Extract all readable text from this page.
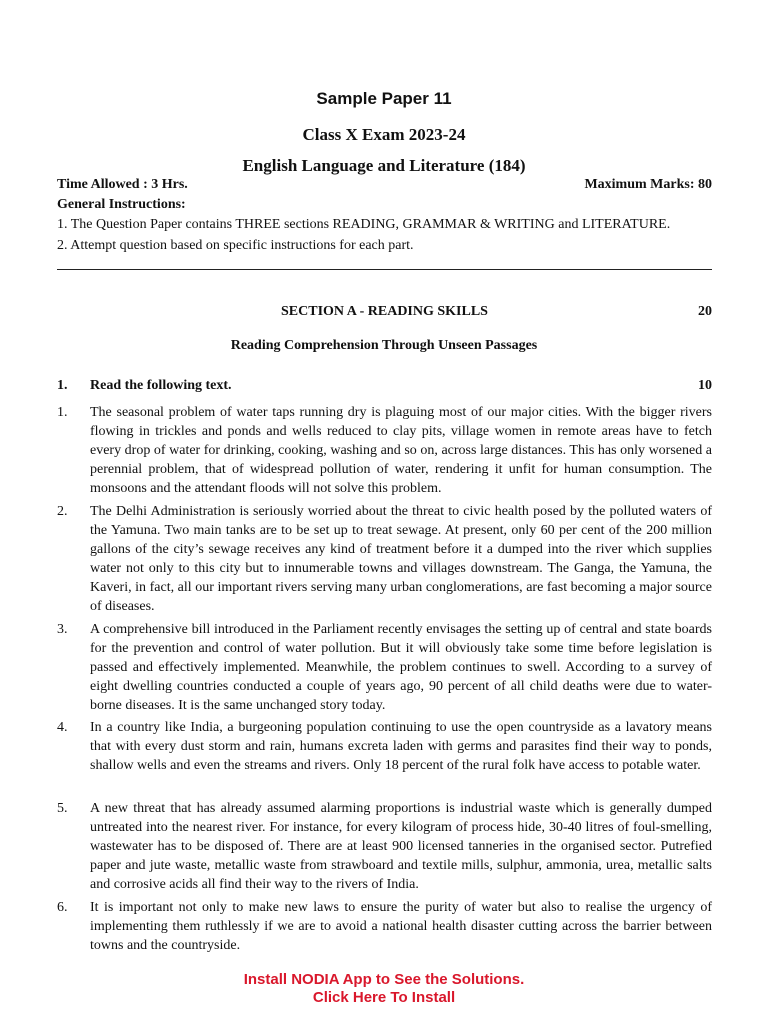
Sample Paper 11
Class X Exam 2023-24
English Language and Literature (184)
Time Allowed : 3 Hrs.	Maximum Marks: 80
General Instructions:
1. The Question Paper contains THREE sections READING, GRAMMAR & WRITING and LITERATURE.
2. Attempt question based on specific instructions for each part.
SECTION A - READING SKILLS	20
Reading Comprehension Through Unseen Passages
1. Read the following text.	10
1. The seasonal problem of water taps running dry is plaguing most of our major cities. With the bigger rivers flowing in trickles and ponds and wells reduced to clay pits, village women in remote areas have to fetch every drop of water for drinking, cooking, washing and so on, across large distances. This has only worsened a perennial problem, that of widespread pollution of water, rendering it unfit for human consumption. The monsoons and the attendant floods will not solve this problem.
2. The Delhi Administration is seriously worried about the threat to civic health posed by the polluted waters of the Yamuna. Two main tanks are to be set up to treat sewage. At present, only 60 per cent of the 200 million gallons of the city’s sewage receives any kind of treatment before it a dumped into the river which supplies water not only to this city but to innumerable towns and villages downstream. The Ganga, the Yamuna, the Kaveri, in fact, all our important rivers serving many urban conglomerations, are fast becoming a major source of diseases.
3. A comprehensive bill introduced in the Parliament recently envisages the setting up of central and state boards for the prevention and control of water pollution. But it will obviously take some time before legislation is passed and effectively implemented. Meanwhile, the problem continues to swell. According to a survey of eight dwelling countries conducted a couple of years ago, 90 percent of all child deaths were due to water-borne diseases. It is the same unchanged story today.
4. In a country like India, a burgeoning population continuing to use the open countryside as a lavatory means that with every dust storm and rain, humans excreta laden with germs and parasites find their way to ponds, shallow wells and even the streams and rivers. Only 18 percent of the rural folk have access to potable water.
5. A new threat that has already assumed alarming proportions is industrial waste which is generally dumped untreated into the nearest river. For instance, for every kilogram of process hide, 30-40 litres of foul-smelling, wastewater has to be disposed of. There are at least 900 licensed tanneries in the organised sector. Putrefied paper and jute waste, metallic waste from strawboard and textile mills, sulphur, ammonia, urea, metallic salts and corrosive acids all find their way to the rivers of India.
6. It is important not only to make new laws to ensure the purity of water but also to realise the urgency of implementing them ruthlessly if we are to avoid a national health disaster cutting across the barrier between towns and the countryside.
Install NODIA App to See the Solutions.
Click Here To Install
